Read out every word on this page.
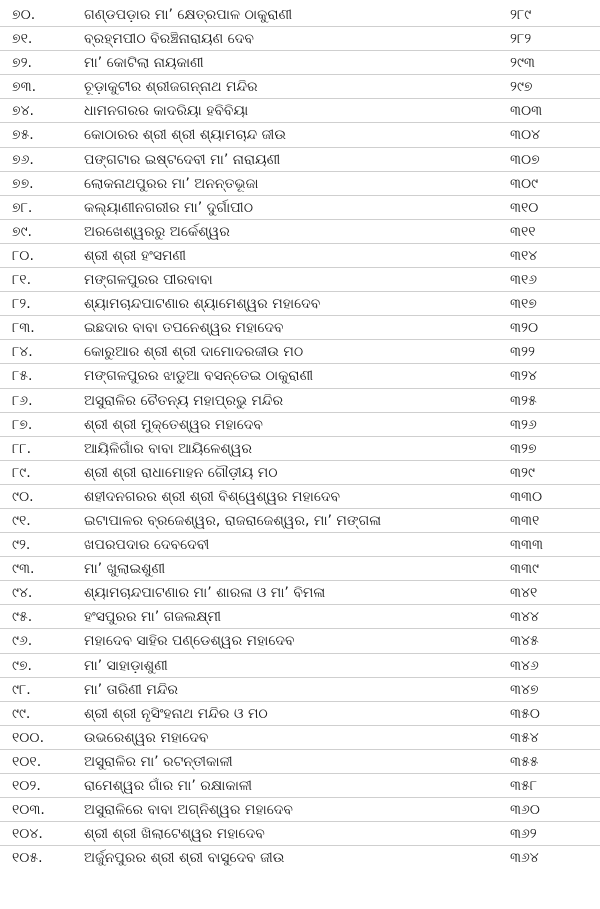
୭୦.	ଗଣ୍ଡପଡ଼ାର ମା’ କ୍ଷେତ୍ରପାଳ ଠାକୁରାଣୀ	୨୮୯
୭୧.	ବ୍ରହ୍ମପୀଠ ବିରଞ୍ଚିନାରାୟଣ ଦେବ	୨୮୨
୭୨.	ମା’ କୋଟିଲା ନାୟକାଣୀ	୨୯୩
୭୩.	ଚୂଡ଼ାକୁଟୀର ଶ୍ରୀଜଗନ୍ନାଥ ମନ୍ଦିର	୨୯୭
୭୪.	ଧାମନଗରର କାଦରିୟା ହବିବିୟା	୩୦୩
୭୫.	କୋଠାରର ଶ୍ରୀ ଶ୍ରୀ ଶ୍ୟାମଚାନ୍ଦ ଜୀଉ	୩୦୪
୭୬.	ପଙ୍ଗଟାର ଇଷ୍ଟଦେବୀ ମା’ ନାରାୟଣୀ	୩୦୭
୭୭.	ଲୋକନାଥପୁରର ମା’ ଅନନ୍ତଭୂଜା	୩୦୯
୭୮.	କଲ୍ୟାଣୀନଗରୀର ମା’ ଦୁର୍ଗାପୀଠ	୩୧୦
୭୯.	ଅରଖେଶ୍ୱରରୁ ଅର୍କେଶ୍ୱର	୩୧୧
୮୦.	ଶ୍ରୀ ଶ୍ରୀ ହଂସମଣୀ	୩୧୪
୮୧.	ମଙ୍ଗଳପୁରର ପୀରବାବା	୩୧୬
୮୨.	ଶ୍ୟାମଚାନ୍ଦପାଟଣାର ଶ୍ୟାମେଶ୍ୱର ମହାଦେବ	୩୧୭
୮୩.	ଇଛଦାର ବାବା ତପନେଶ୍ୱର ମହାଦେବ	୩୨୦
୮୪.	କୋରୁଆର ଶ୍ରୀ ଶ୍ରୀ ଦାମୋଦରଜୀଉ ମଠ	୩୨୨
୮୫.	ମଙ୍ଗଳପୁରର ଝାଡୁଆ ବସନ୍ତେଇ ଠାକୁରାଣୀ	୩୨୪
୮୬.	ଅସୁରାଳିର ଚୈତନ୍ୟ ମହାପ୍ରଭୁ ମନ୍ଦିର	୩୨୫
୮୭.	ଶ୍ରୀ ଶ୍ରୀ ମୁକ୍ତେଶ୍ୱର ମହାଦେବ	୩୨୬
୮୮.	ଆୟିଳିଗାଁର ବାବା ଆୟିଳେଶ୍ୱର	୩୨୭
୮୯.	ଶ୍ରୀ ଶ୍ରୀ ରାଧାମୋହନ ଗୌଡ଼ୀୟ ମଠ	୩୨୯
୯୦.	ଶହୀଦନଗରର ଶ୍ରୀ ଶ୍ରୀ ବିଶ୍ୱେଶ୍ୱର ମହାଦେବ	୩୩୦
୯୧.	ଇଟାପାଳର ବ୍ରଜେଶ୍ୱର, ରାଜରାଜେଶ୍ୱର, ମା’ ମଙ୍ଗଳା	୩୩୧
୯୨.	ଖପରପଦାର ଦେବଦେବୀ	୩୩୩
୯୩.	ମା’ ଖୁଲାଇଶୁଣୀ	୩୩୯
୯୪.	ଶ୍ୟାମଚାନ୍ଦପାଟଣାର ମା’ ଶାରଳା ଓ ମା’ ବିମଳା	୩୪୧
୯୫.	ହଂସପୁରର ମା’ ଗଜଲକ୍ଷ୍ମୀ	୩୪୪
୯୬.	ମହାଦେବ ସାହିର ପଣ୍ଡେଶ୍ୱର ମହାଦେବ	୩୪୫
୯୭.	ମା’ ସାହାଡ଼ାଶୁଣୀ	୩୪୬
୯୮.	ମା’ ତାରିଣୀ ମନ୍ଦିର	୩୪୭
୯୯.	ଶ୍ରୀ ଶ୍ରୀ ନୃସିଂହନାଥ ମନ୍ଦିର ଓ ମଠ	୩୫୦
୧୦୦.	ଉଭରେଶ୍ୱର ମହାଦେବ	୩୫୪
୧୦୧.	ଅସୁରାଳିର ମା’ ରଟନ୍ତୀକାଳୀ	୩୫୫
୧୦୨.	ରାମେଶ୍ୱର ଗାଁର ମା’ ରକ୍ଷାକାଳୀ	୩୫୮
୧୦୩.	ଅସୁରାଳିରେ ବାବା ଅଗ୍ନିଶ୍ୱର ମହାଦେବ	୩୬୦
୧୦୪.	ଶ୍ରୀ ଶ୍ରୀ ଖିଲାଟେଶ୍ୱର ମହାଦେବ	୩୬୨
୧୦୫.	ଅର୍ଜୁନପୁରର ଶ୍ରୀ ଶ୍ରୀ ବାସୁଦେବ ଜୀଉ	୩୬୪
